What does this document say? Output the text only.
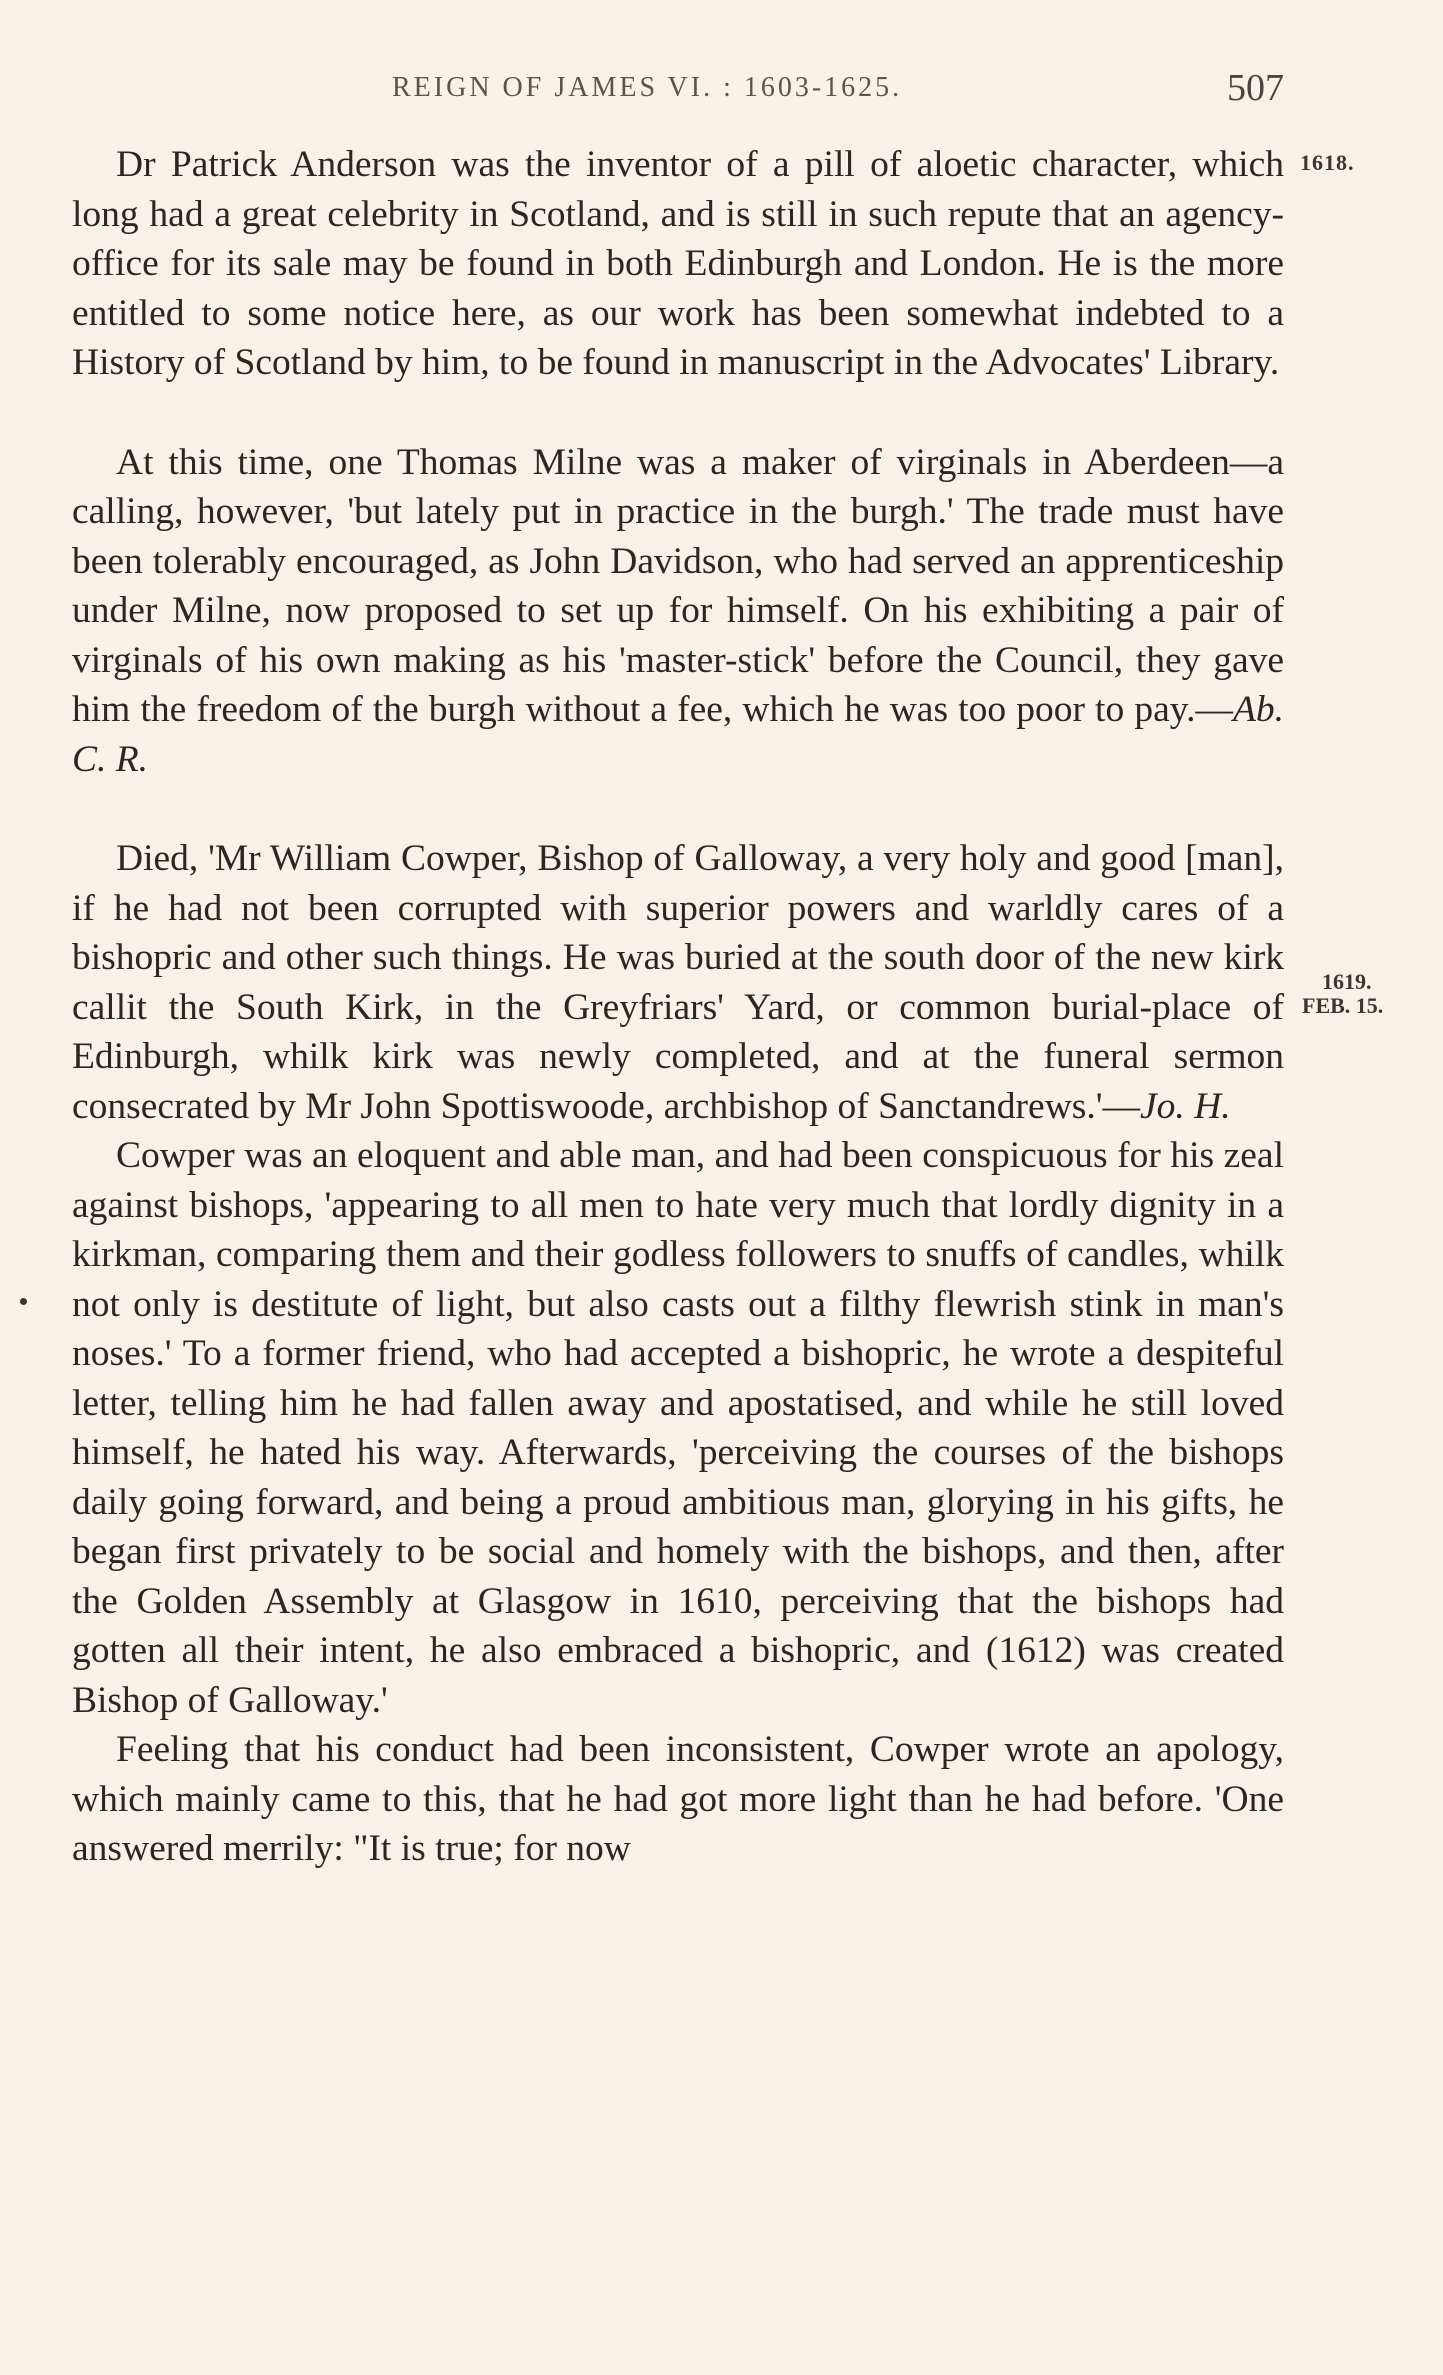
REIGN OF JAMES VI. : 1603-1625.	507
1618.
1619.
FEB. 15.

Dr Patrick Anderson was the inventor of a pill of aloetic character, which long had a great celebrity in Scotland, and is still in such repute that an agency-office for its sale may be found in both Edinburgh and London. He is the more entitled to some notice here, as our work has been somewhat indebted to a History of Scotland by him, to be found in manuscript in the Advocates' Library.

At this time, one Thomas Milne was a maker of virginals in Aberdeen—a calling, however, 'but lately put in practice in the burgh.' The trade must have been tolerably encouraged, as John Davidson, who had served an apprenticeship under Milne, now proposed to set up for himself. On his exhibiting a pair of virginals of his own making as his 'master-stick' before the Council, they gave him the freedom of the burgh without a fee, which he was too poor to pay.—Ab. C. R.

Died, 'Mr William Cowper, Bishop of Galloway, a very holy and good [man], if he had not been corrupted with superior powers and warldly cares of a bishopric and other such things. He was buried at the south door of the new kirk callit the South Kirk, in the Greyfriars' Yard, or common burial-place of Edinburgh, whilk kirk was newly completed, and at the funeral sermon consecrated by Mr John Spottiswoode, archbishop of Sanctandrews.'—Jo. H.

Cowper was an eloquent and able man, and had been conspicuous for his zeal against bishops, 'appearing to all men to hate very much that lordly dignity in a kirkman, comparing them and their godless followers to snuffs of candles, whilk not only is destitute of light, but also casts out a filthy flewrish stink in man's noses.' To a former friend, who had accepted a bishopric, he wrote a despiteful letter, telling him he had fallen away and apostatised, and while he still loved himself, he hated his way. Afterwards, 'perceiving the courses of the bishops daily going forward, and being a proud ambitious man, glorying in his gifts, he began first privately to be social and homely with the bishops, and then, after the Golden Assembly at Glasgow in 1610, perceiving that the bishops had gotten all their intent, he also embraced a bishopric, and (1612) was created Bishop of Galloway.'

Feeling that his conduct had been inconsistent, Cowper wrote an apology, which mainly came to this, that he had got more light than he had before. 'One answered merrily: "It is true; for now
